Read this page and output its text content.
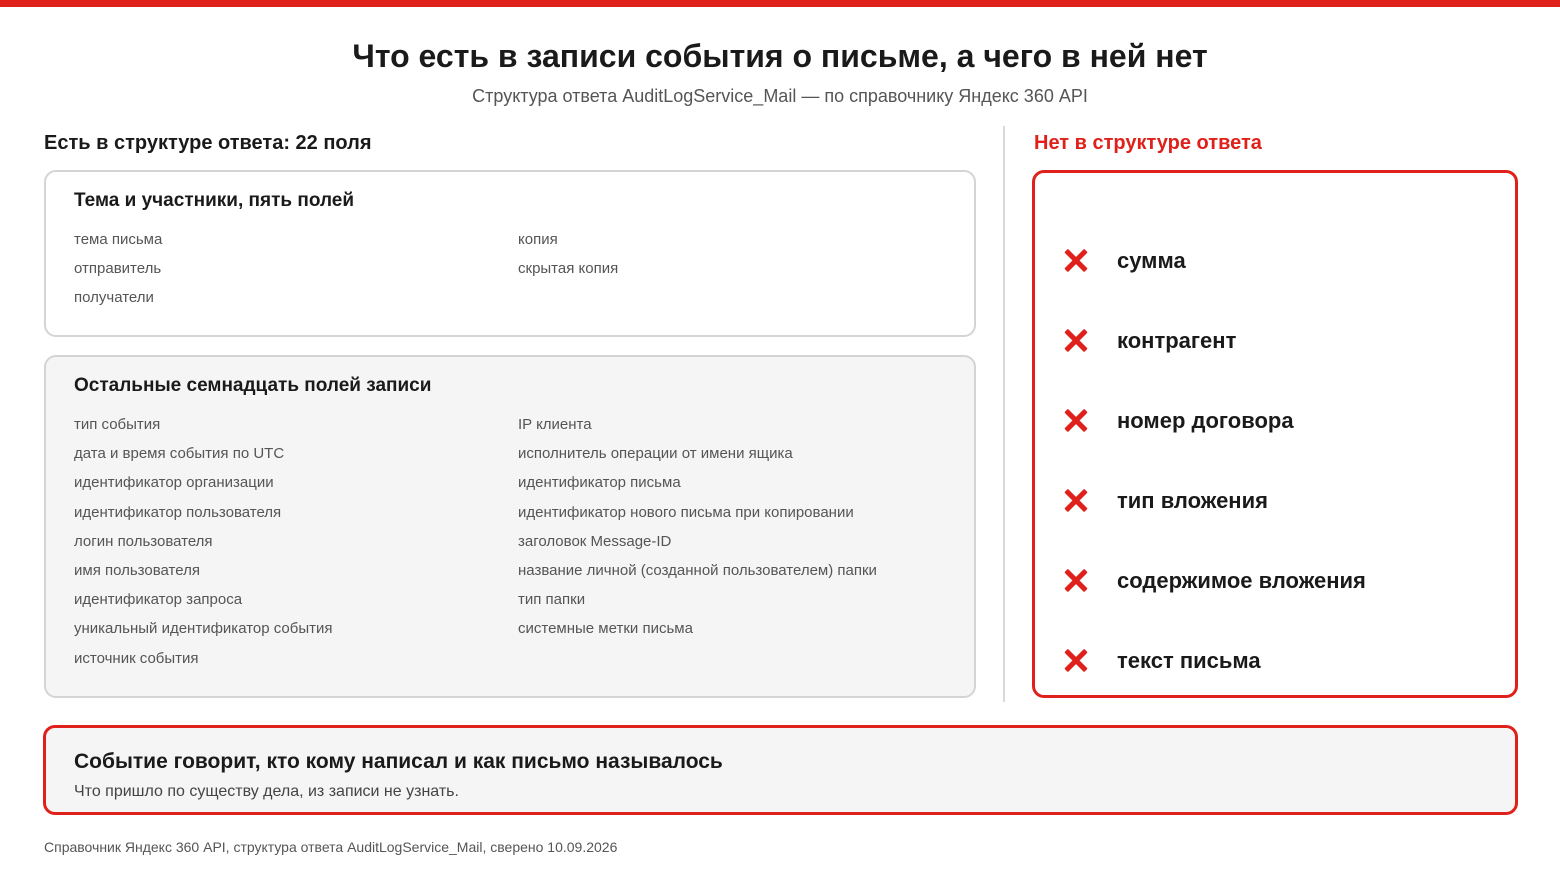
Что есть в записи события о письме, а чего в ней нет
Структура ответа AuditLogService_Mail — по справочнику Яндекс 360 API
Есть в структуре ответа: 22 поля	Нет в структуре ответа
Тема и участники, пять полей
тема письма
отправитель
получатели
копия
скрытая копия
Остальные семнадцать полей записи
тип события
дата и время события по UTC
идентификатор организации
идентификатор пользователя
логин пользователя
имя пользователя
идентификатор запроса
уникальный идентификатор события
источник события
IP клиента
исполнитель операции от имени ящика
идентификатор письма
идентификатор нового письма при копировании
заголовок Message-ID
название личной (созданной пользователем) папки
тип папки
системные метки письма
сумма
контрагент
номер договора
тип вложения
содержимое вложения
текст письма
Событие говорит, кто кому написал и как письмо называлось
Что пришло по существу дела, из записи не узнать.
Справочник Яндекс 360 API, структура ответа AuditLogService_Mail, сверено 10.09.2026
